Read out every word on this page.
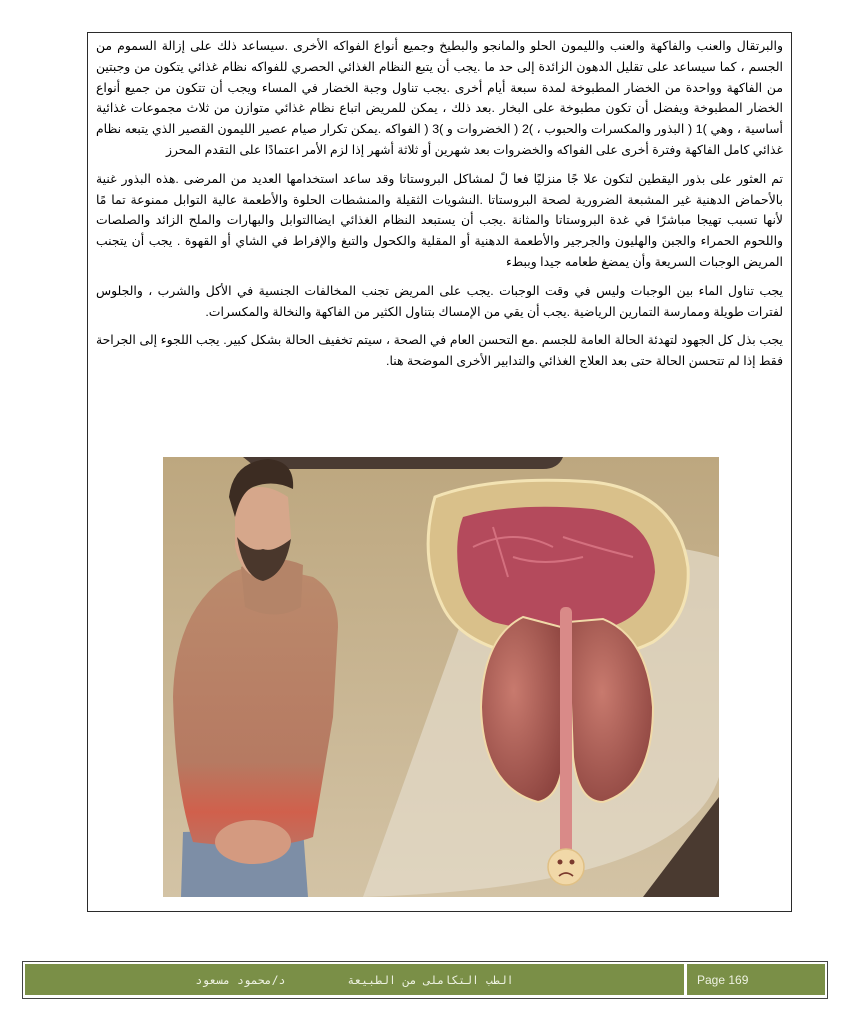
والبرتقال والعنب والفاكهة والعنب والليمون الحلو والمانجو والبطيخ وجميع أنواع الفواكه الأخرى .سيساعد ذلك على إزالة السموم من الجسم ، كما سيساعد على تقليل الدهون الزائدة إلى حد ما .يجب أن يتبع النظام الغذائي الحصري للفواكه نظام غذائي يتكون من وجبتين من الفاكهة وواحدة من الخضار المطبوخة لمدة سبعة أيام أخرى .يجب تناول وجبة الخضار في المساء ويجب أن تتكون من جميع أنواع الخضار المطبوخة ويفضل أن تكون مطبوخة على البخار .بعد ذلك ، يمكن للمريض اتباع نظام غذائي متوازن من ثلاث مجموعات غذائية أساسية ، وهي )1 ( البذور والمكسرات والحبوب ، )2 ( الخضروات و )3 ( الفواكه .يمكن تكرار صيام عصير الليمون القصير الذي يتبعه نظام غذائي كامل الفاكهة وفترة أخرى على الفواكه والخضروات بعد شهرين أو ثلاثة أشهر إذا لزم الأمر اعتمادًا على التقدم المحرز

تم العثور على بذور اليقطين لتكون علا جًا منزليًا فعا لً لمشاكل البروستاتا وقد ساعد استخدامها العديد من المرضى .هذه البذور غنية بالأحماض الدهنية غير المشبعة الضرورية لصحة البروستاتا .النشويات الثقيلة والمنشطات الحلوة والأطعمة عالية التوابل ممنوعة تما مًا لأنها تسبب تهيجا مباشرًا في غدة البروستاتا والمثانة .يجب أن يستبعد النظام الغذائي ايضاالتوابل والبهارات والملح الزائد والصلصات واللحوم الحمراء والجبن والهليون والجرجير والأطعمة الدهنية أو المقلية والكحول والتبغ والإفراط في الشاي أو القهوة . يجب أن يتجنب المريض الوجبات السريعة وأن يمضغ طعامه جيدا وببطء

يجب تناول الماء بين الوجبات وليس في وقت الوجبات .يجب على المريض تجنب المخالفات الجنسية في الأكل والشرب ، والجلوس لفترات طويلة وممارسة التمارين الرياضية .يجب أن يقي من الإمساك بتناول الكثير من الفاكهة والنخالة والمكسرات.

يجب بذل كل الجهود لتهدئة الحالة العامة للجسم .مع التحسن العام في الصحة ، سيتم تخفيف الحالة بشكل كبير. يجب اللجوء إلى الجراحة فقط إذا لم تتحسن الحالة حتى بعد العلاج الغذائي والتدابير الأخرى الموضحة هنا.

الطب التكاملى من الطبيعة
د/محمود مسعود	Page 169
